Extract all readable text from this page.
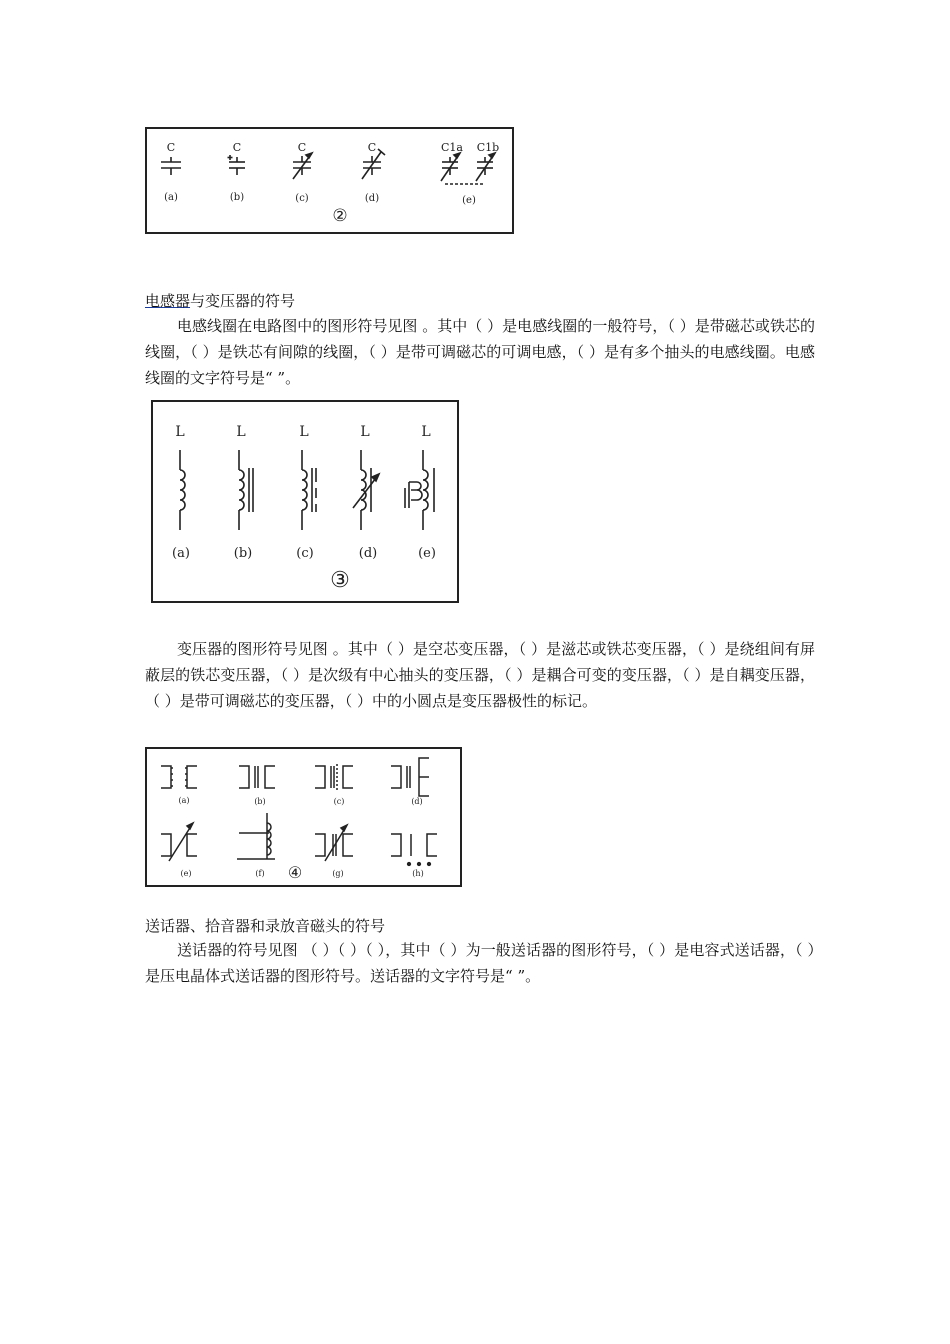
C	C	C	C	C1a C1b
(a)	(b)	(c)	(d)	(e)
②
电感器与变压器的符号

电感线圈在电路图中的图形符号见图 。其中（ ）是电感线圈的一般符号，（ ）是带磁芯或铁芯的线圈，（ ）是铁芯有间隙的线圈，（ ）是带可调磁芯的可调电感，（ ）是有多个抽头的电感线圈。电感线圈的文字符号是“ ”。

L	L	L	L	L
(a)	(b)	(c)	(d)	(e)
③

变压器的图形符号见图 。其中（ ）是空芯变压器，（ ）是滋芯或铁芯变压器，（ ）是绕组间有屏蔽层的铁芯变压器，（ ）是次级有中心抽头的变压器，（ ）是耦合可变的变压器，（ ）是自耦变压器，（ ）是带可调磁芯的变压器，（ ）中的小圆点是变压器极性的标记。

(a)	(b)	(c)	(d)
(e)	(f)	(g)	(h)
④
送话器、拾音器和录放音磁头的符号

送话器的符号见图 （ ）（ ）（ ），其中（ ）为一般送话器的图形符号，（ ）是电容式送话器，（ ）是压电晶体式送话器的图形符号。送话器的文字符号是“ ”。
